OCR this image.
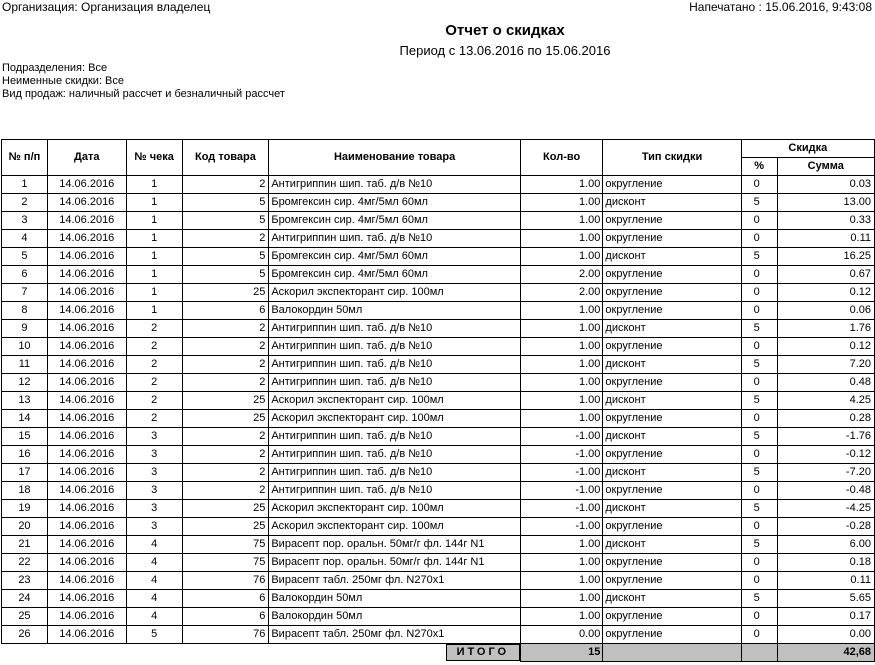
Организация: Организация владелец	Напечатано : 15.06.2016, 9:43:08
Отчет о скидках
Период с 13.06.2016 по 15.06.2016
Подразделения: Все
Неименные скидки: Все
Вид продаж: наличный рассчет и безналичный рассчет
№ п/п	Дата	№ чека	Код товара	Наименование товара	Кол-во	Тип скидки	Скидка	
							%	Сумма
1	14.06.2016	1	2	Антигриппин шип. таб. д/в №10	1.00	округление	0	0.03
2	14.06.2016	1	5	Бромгексин сир. 4мг/5мл 60мл	1.00	дисконт	5	13.00
3	14.06.2016	1	5	Бромгексин сир. 4мг/5мл 60мл	1.00	округление	0	0.33
4	14.06.2016	1	2	Антигриппин шип. таб. д/в №10	1.00	округление	0	0.11
5	14.06.2016	1	5	Бромгексин сир. 4мг/5мл 60мл	1.00	дисконт	5	16.25
6	14.06.2016	1	5	Бромгексин сир. 4мг/5мл 60мл	2.00	округление	0	0.67
7	14.06.2016	1	25	Аскорил экспекторант сир. 100мл	2.00	округление	0	0.12
8	14.06.2016	1	6	Валокордин 50мл	1.00	округление	0	0.06
9	14.06.2016	2	2	Антигриппин шип. таб. д/в №10	1.00	дисконт	5	1.76
10	14.06.2016	2	2	Антигриппин шип. таб. д/в №10	1.00	округление	0	0.12
11	14.06.2016	2	2	Антигриппин шип. таб. д/в №10	1.00	дисконт	5	7.20
12	14.06.2016	2	2	Антигриппин шип. таб. д/в №10	1.00	округление	0	0.48
13	14.06.2016	2	25	Аскорил экспекторант сир. 100мл	1.00	дисконт	5	4.25
14	14.06.2016	2	25	Аскорил экспекторант сир. 100мл	1.00	округление	0	0.28
15	14.06.2016	3	2	Антигриппин шип. таб. д/в №10	-1.00	дисконт	5	-1.76
16	14.06.2016	3	2	Антигриппин шип. таб. д/в №10	-1.00	округление	0	-0.12
17	14.06.2016	3	2	Антигриппин шип. таб. д/в №10	-1.00	дисконт	5	-7.20
18	14.06.2016	3	2	Антигриппин шип. таб. д/в №10	-1.00	округление	0	-0.48
19	14.06.2016	3	25	Аскорил экспекторант сир. 100мл	-1.00	дисконт	5	-4.25
20	14.06.2016	3	25	Аскорил экспекторант сир. 100мл	-1.00	округление	0	-0.28
21	14.06.2016	4	75	Вирасепт пор. оральн. 50мг/г фл. 144г N1	1.00	дисконт	5	6.00
22	14.06.2016	4	75	Вирасепт пор. оральн. 50мг/г фл. 144г N1	1.00	округление	0	0.18
23	14.06.2016	4	76	Вирасепт табл. 250мг фл. N270x1	1.00	округление	0	0.11
24	14.06.2016	4	6	Валокордин 50мл	1.00	дисконт	5	5.65
25	14.06.2016	4	6	Валокордин 50мл	1.00	округление	0	0.17
26	14.06.2016	5	76	Вирасепт табл. 250мг фл. N270x1	0.00	округление	0	0.00

				ИТОГО	15			42,68
